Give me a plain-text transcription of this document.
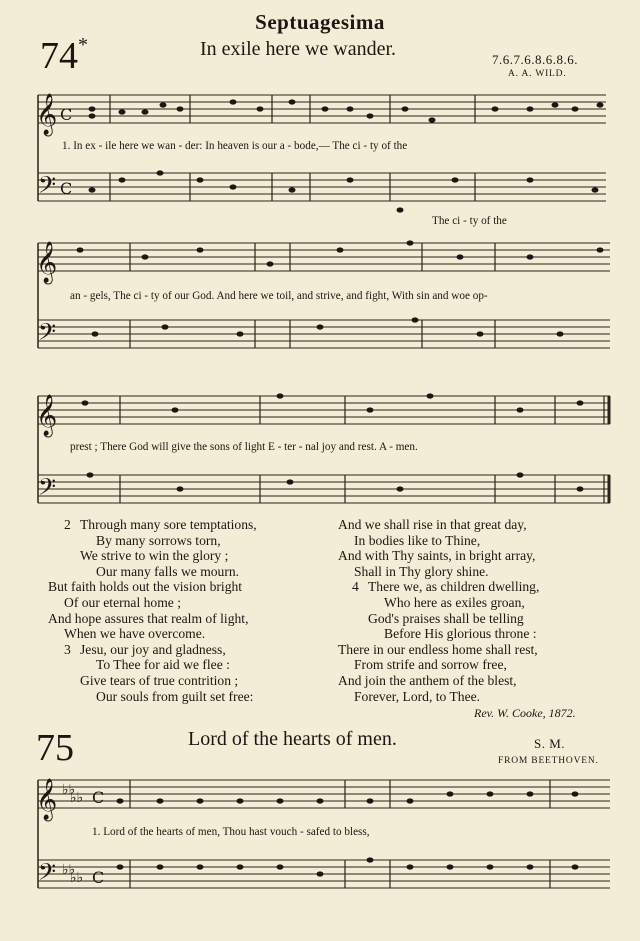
𝄞 C
𝄢 C
𝄞
𝄢
𝄞
𝄢
𝄞 ♭♭
♭♭ C
𝄢 ♭♭
♭♭ C
Septuagesima
74*	In exile here we wander.	7.6.7.6.8.6.8.6.
A. A. WILD.
1. In ex - ile here we wan - der: In heaven is our a - bode,— The ci - ty of the
The ci - ty of the
an - gels, The ci - ty of our God. And here we toil, and strive, and fight, With sin and woe op-
prest ; There God will give the sons of light E - ter - nal joy and rest. A - men.
2 Through many sore temptations,
By many sorrows torn,
We strive to win the glory ;
Our many falls we mourn.
But faith holds out the vision bright
Of our eternal home ;
And hope assures that realm of light,
When we have overcome.
3 Jesu, our joy and gladness,
To Thee for aid we flee :
Give tears of true contrition ;
Our souls from guilt set free:
And we shall rise in that great day,
In bodies like to Thine,
And with Thy saints, in bright array,
Shall in Thy glory shine.
4 There we, as children dwelling,
Who here as exiles groan,
God's praises shall be telling
Before His glorious throne :
There in our endless home shall rest,
From strife and sorrow free,
And join the anthem of the blest,
Forever, Lord, to Thee.
Rev. W. Cooke, 1872.
75	Lord of the hearts of men.	S. M.
FROM BEETHOVEN.
1. Lord of the hearts of men, Thou hast vouch - safed to bless,
